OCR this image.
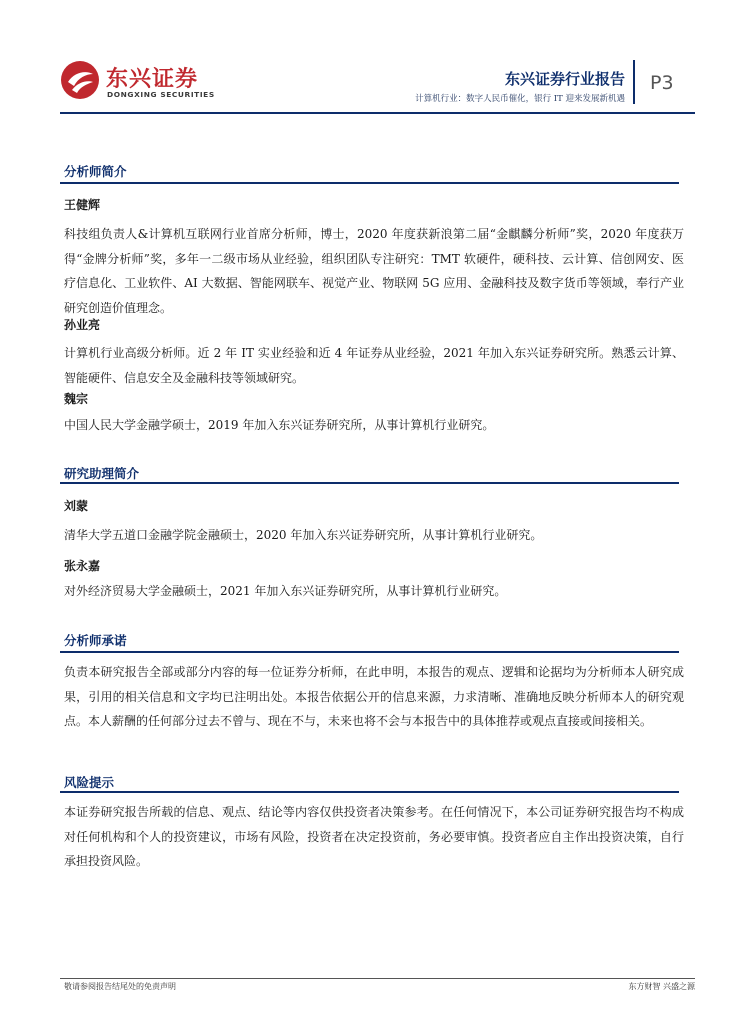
东兴证券
DONGXING SECURITIES
东兴证券行业报告
计算机行业：数字人民币催化，银行 IT 迎来发展新机遇
P3
分析师简介
王健辉
科技组负责人&计算机互联网行业首席分析师，博士，2020 年度获新浪第二届“金麒麟分析师”奖，2020 年度获万得“金牌分析师”奖，多年一二级市场从业经验，组织团队专注研究：TMT 软硬件，硬科技、云计算、信创网安、医疗信息化、工业软件、AI 大数据、智能网联车、视觉产业、物联网 5G 应用、金融科技及数字货币等领域，奉行产业研究创造价值理念。
孙业亮
计算机行业高级分析师。近 2 年 IT 实业经验和近 4 年证券从业经验，2021 年加入东兴证券研究所。熟悉云计算、智能硬件、信息安全及金融科技等领域研究。
魏宗
中国人民大学金融学硕士，2019 年加入东兴证券研究所，从事计算机行业研究。
研究助理简介
刘蒙
清华大学五道口金融学院金融硕士，2020 年加入东兴证券研究所，从事计算机行业研究。
张永嘉
对外经济贸易大学金融硕士，2021 年加入东兴证券研究所，从事计算机行业研究。
分析师承诺
负责本研究报告全部或部分内容的每一位证券分析师，在此申明，本报告的观点、逻辑和论据均为分析师本人研究成果，引用的相关信息和文字均已注明出处。本报告依据公开的信息来源，力求清晰、准确地反映分析师本人的研究观点。本人薪酬的任何部分过去不曾与、现在不与，未来也将不会与本报告中的具体推荐或观点直接或间接相关。
风险提示
本证券研究报告所载的信息、观点、结论等内容仅供投资者决策参考。在任何情况下，本公司证券研究报告均不构成对任何机构和个人的投资建议，市场有风险，投资者在决定投资前，务必要审慎。投资者应自主作出投资决策，自行承担投资风险。
敬请参阅报告结尾处的免责声明	东方财智 兴盛之源
